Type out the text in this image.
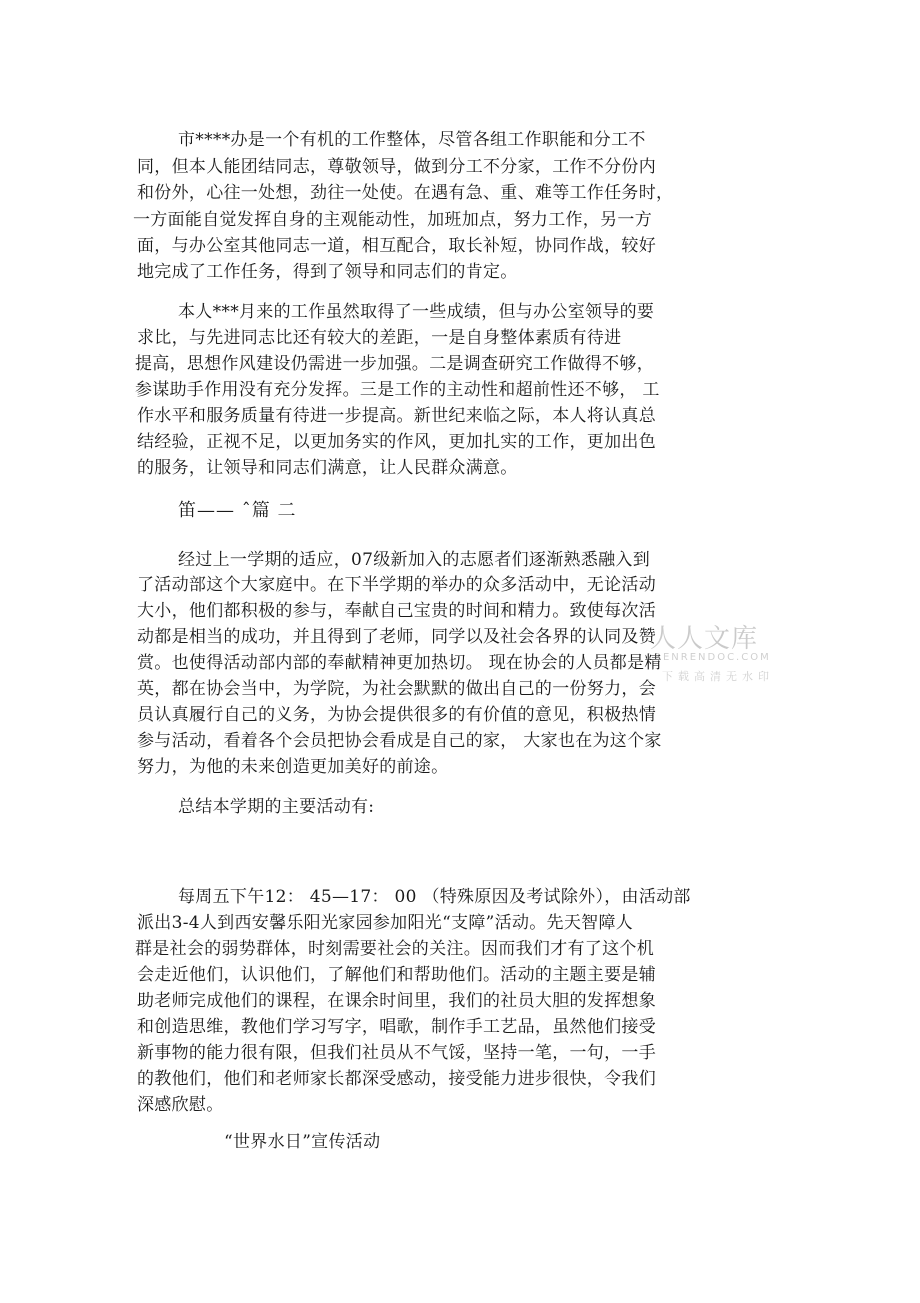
市****办是一个有机的工作整体，尽管各组工作职能和分工不
同，但本人能团结同志，尊敬领导，做到分工不分家，工作不分份内
和份外，心往一处想，劲往一处使。在遇有急、重、难等工作任务时，
一方面能自觉发挥自身的主观能动性，加班加点，努力工作，另一方
面，与办公室其他同志一道，相互配合，取长补短，协同作战，较好
地完成了工作任务，得到了领导和同志们的肯定。
本人***月来的工作虽然取得了一些成绩，但与办公室领导的要
求比，与先进同志比还有较大的差距，一是自身整体素质有待进
提高，思想作风建设仍需进一步加强。二是调查研究工作做得不够，
参谋助手作用没有充分发挥。三是工作的主动性和超前性还不够， 工
作水平和服务质量有待进一步提高。新世纪来临之际，本人将认真总
结经验，正视不足，以更加务实的作风，更加扎实的工作，更加出色
的服务，让领导和同志们满意，让人民群众满意。
笛—— ˆ篇 二
经过上一学期的适应，07级新加入的志愿者们逐渐熟悉融入到
了活动部这个大家庭中。在下半学期的举办的众多活动中，无论活动
大小，他们都积极的参与，奉献自己宝贵的时间和精力。致使每次活
动都是相当的成功，并且得到了老师，同学以及社会各界的认同及赞
赏。也使得活动部内部的奉献精神更加热切。 现在协会的人员都是精
英，都在协会当中，为学院，为社会默默的做出自己的一份努力，会
员认真履行自己的义务，为协会提供很多的有价值的意见，积极热情
参与活动，看着各个会员把协会看成是自己的家， 大家也在为这个家
努力，为他的未来创造更加美好的前途。
总结本学期的主要活动有:
每周五下午12： 45—17： 00 （特殊原因及考试除外），由活动部
派出3-4人到西安馨乐阳光家园参加阳光“支障”活动。先天智障人
群是社会的弱势群体，时刻需要社会的关注。因而我们才有了这个机
会走近他们，认识他们，了解他们和帮助他们。活动的主题主要是辅
助老师完成他们的课程，在课余时间里，我们的社员大胆的发挥想象
和创造思维，教他们学习写字，唱歌，制作手工艺品，虽然他们接受
新事物的能力很有限，但我们社员从不气馁，坚持一笔，一句，一手
的教他们，他们和老师家长都深受感动，接受能力进步很快，令我们
深感欣慰。
“世界水日”宣传活动
人人文库
RENRENDOC.COM
下载高清无水印
